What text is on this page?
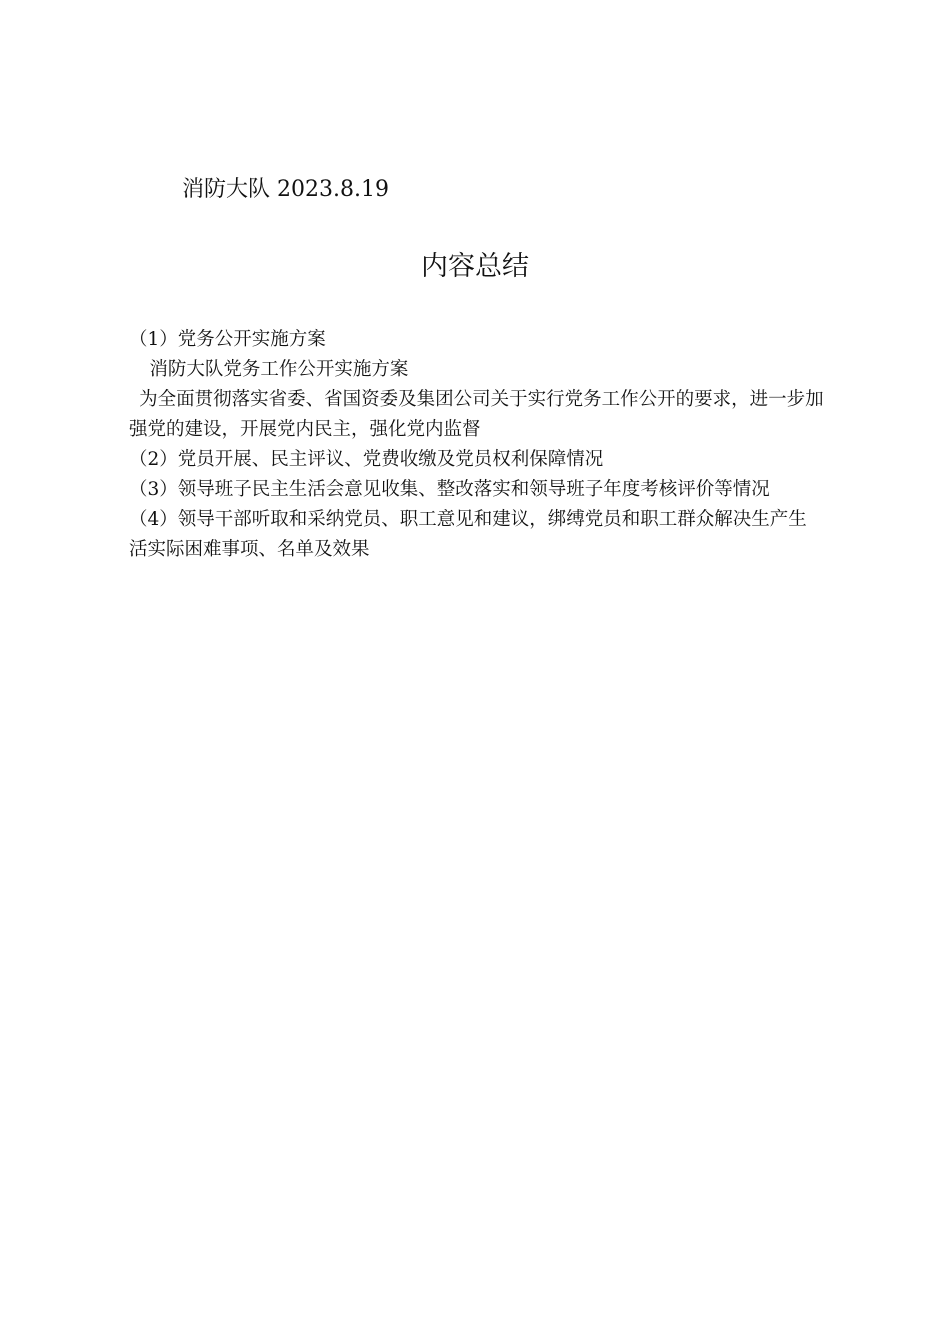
消防大队 2023.8.19
内容总结

（1）党务公开实施方案

消防大队党务工作公开实施方案

为全面贯彻落实省委、省国资委及集团公司关于实行党务工作公开的要求，进一步加强党的建设，开展党内民主，强化党内监督

（2）党员开展、民主评议、党费收缴及党员权利保障情况

（3）领导班子民主生活会意见收集、整改落实和领导班子年度考核评价等情况

（4）领导干部听取和采纳党员、职工意见和建议，绑缚党员和职工群众解决生产生活实际困难事项、名单及效果
